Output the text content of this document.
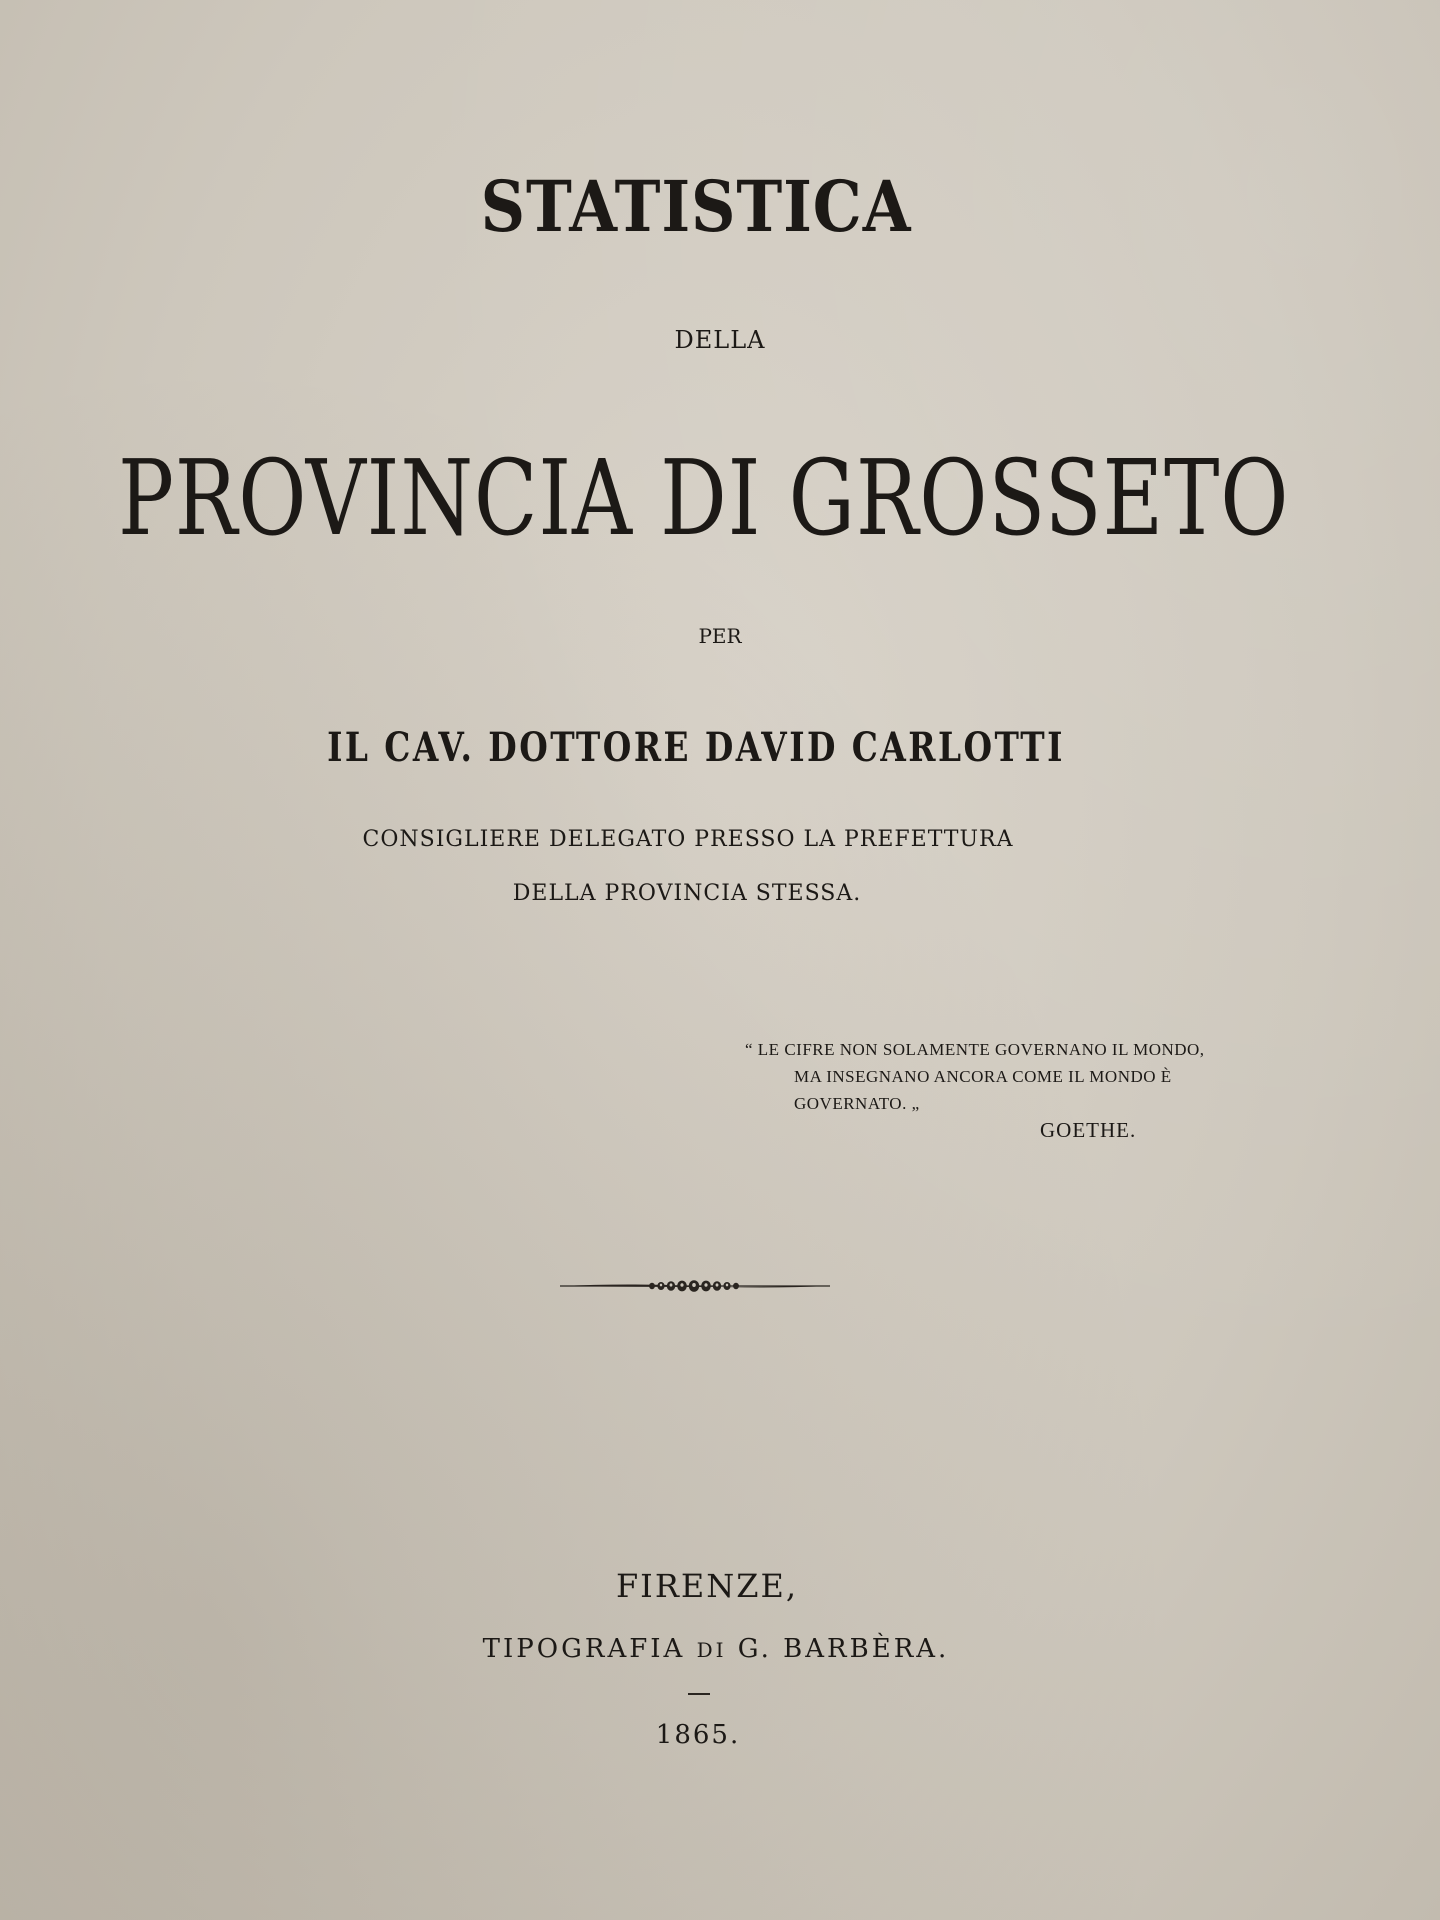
STATISTICA
DELLA
PROVINCIA DI GROSSETO
PER
IL CAV. DOTTORE DAVID CARLOTTI
CONSIGLIERE DELEGATO PRESSO LA PREFETTURA
DELLA PROVINCIA STESSA.
“ LE CIFRE NON SOLAMENTE GOVERNANO IL MONDO,
MA INSEGNANO ANCORA COME IL MONDO È
GOVERNATO. „
GOETHE.
FIRENZE,
TIPOGRAFIA DI G. BARBÈRA.
1865.
